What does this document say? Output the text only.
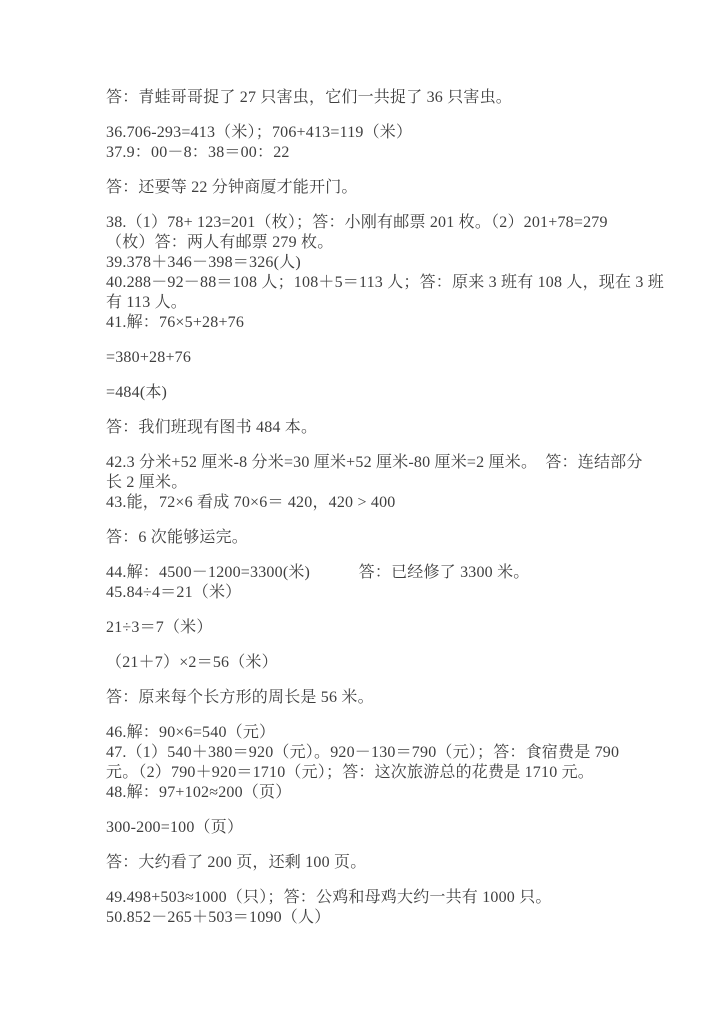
答：青蛙哥哥捉了 27 只害虫，它们一共捉了 36 只害虫。
36.706-293=413（米）；706+413=119（米）
37.9：00－8：38＝00：22
答：还要等 22 分钟商厦才能开门。
38.（1）78+ 123=201（枚）；答：小刚有邮票 201 枚。（2）201+78=279
（枚）答：两人有邮票 279 枚。
39.378＋346－398＝326(人)
40.288－92－88＝108 人；108＋5＝113 人；答：原来 3 班有 108 人，现在 3 班
有 113 人。
41.解：76×5+28+76
=380+28+76
=484(本)
答：我们班现有图书 484 本。
42.3 分米+52 厘米-8 分米=30 厘米+52 厘米-80 厘米=2 厘米。　答：连结部分
长 2 厘米。
43.能，72×6 看成 70×6＝ 420，420 > 400
答：6 次能够运完。
44.解：4500－1200=3300(米)　　　答：已经修了 3300 米。
45.84÷4＝21（米）
21÷3＝7（米）
（21＋7）×2＝56（米）
答：原来每个长方形的周长是 56 米。
46.解：90×6=540（元）
47.（1）540＋380＝920（元）。920－130＝790（元）；答：食宿费是 790
元。（2）790＋920＝1710（元）；答：这次旅游总的花费是 1710 元。
48.解：97+102≈200（页）
300-200=100（页）
答：大约看了 200 页，还剩 100 页。
49.498+503≈1000（只）；答：公鸡和母鸡大约一共有 1000 只。
50.852－265＋503＝1090（人）
